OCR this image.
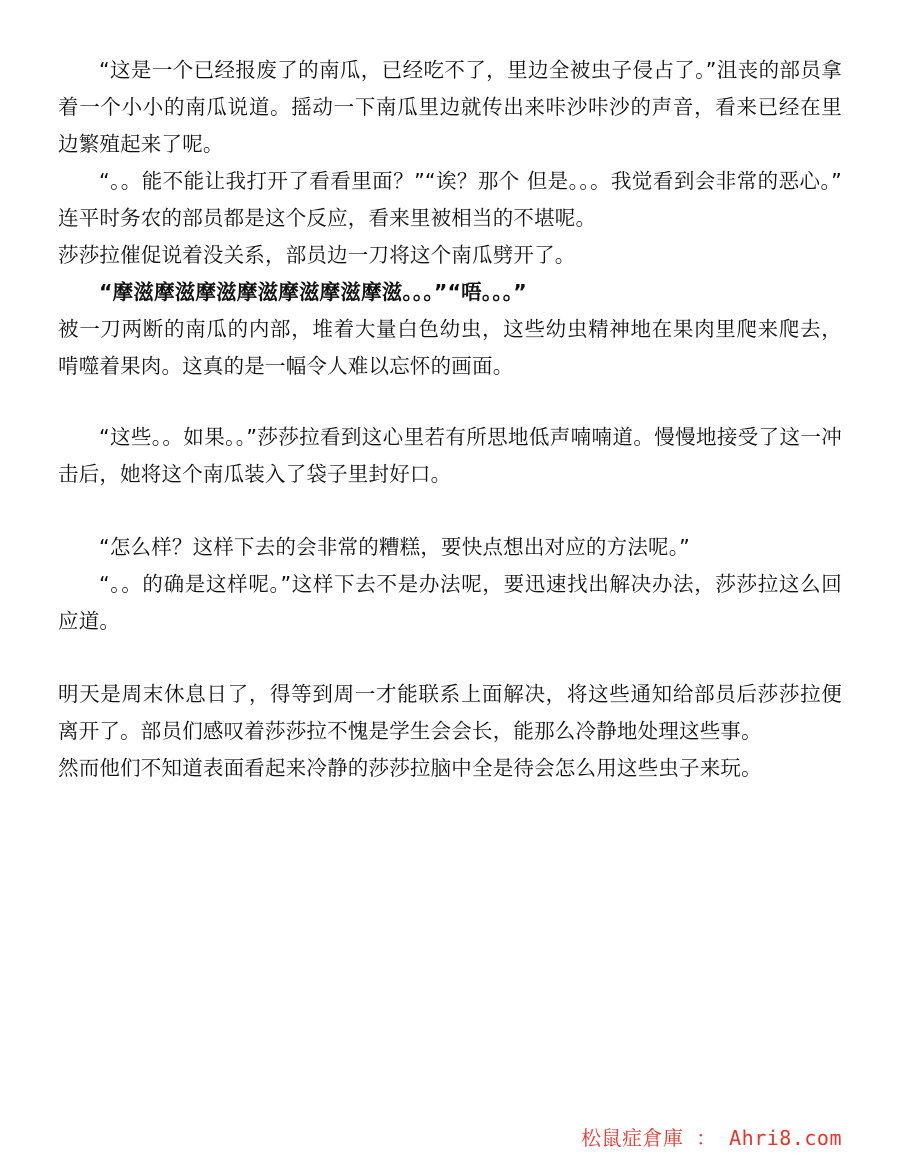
“这是一个已经报废了的南瓜，已经吃不了，里边全被虫子侵占了。”沮丧的部员拿着一个小小的南瓜说道。摇动一下南瓜里边就传出来咔沙咔沙的声音，看来已经在里边繁殖起来了呢。

“。。能不能让我打开了看看里面？”“诶？那个 但是。。。我觉看到会非常的恶心。”连平时务农的部员都是这个反应，看来里被相当的不堪呢。

莎莎拉催促说着没关系，部员边一刀将这个南瓜劈开了。

“摩滋摩滋摩滋摩滋摩滋摩滋摩滋。。。”“唔。。。”

被一刀两断的南瓜的内部，堆着大量白色幼虫，这些幼虫精神地在果肉里爬来爬去，啃噬着果肉。这真的是一幅令人难以忘怀的画面。

“这些。。如果。。”莎莎拉看到这心里若有所思地低声喃喃道。慢慢地接受了这一冲击后，她将这个南瓜装入了袋子里封好口。

“怎么样？这样下去的会非常的糟糕，要快点想出对应的方法呢。”

“。。的确是这样呢。”这样下去不是办法呢，要迅速找出解决办法，莎莎拉这么回应道。

明天是周末休息日了，得等到周一才能联系上面解决，将这些通知给部员后莎莎拉便离开了。部员们感叹着莎莎拉不愧是学生会会长，能那么冷静地处理这些事。

然而他们不知道表面看起来冷静的莎莎拉脑中全是待会怎么用这些虫子来玩。

松鼠症倉庫 ： Ahri8.com
